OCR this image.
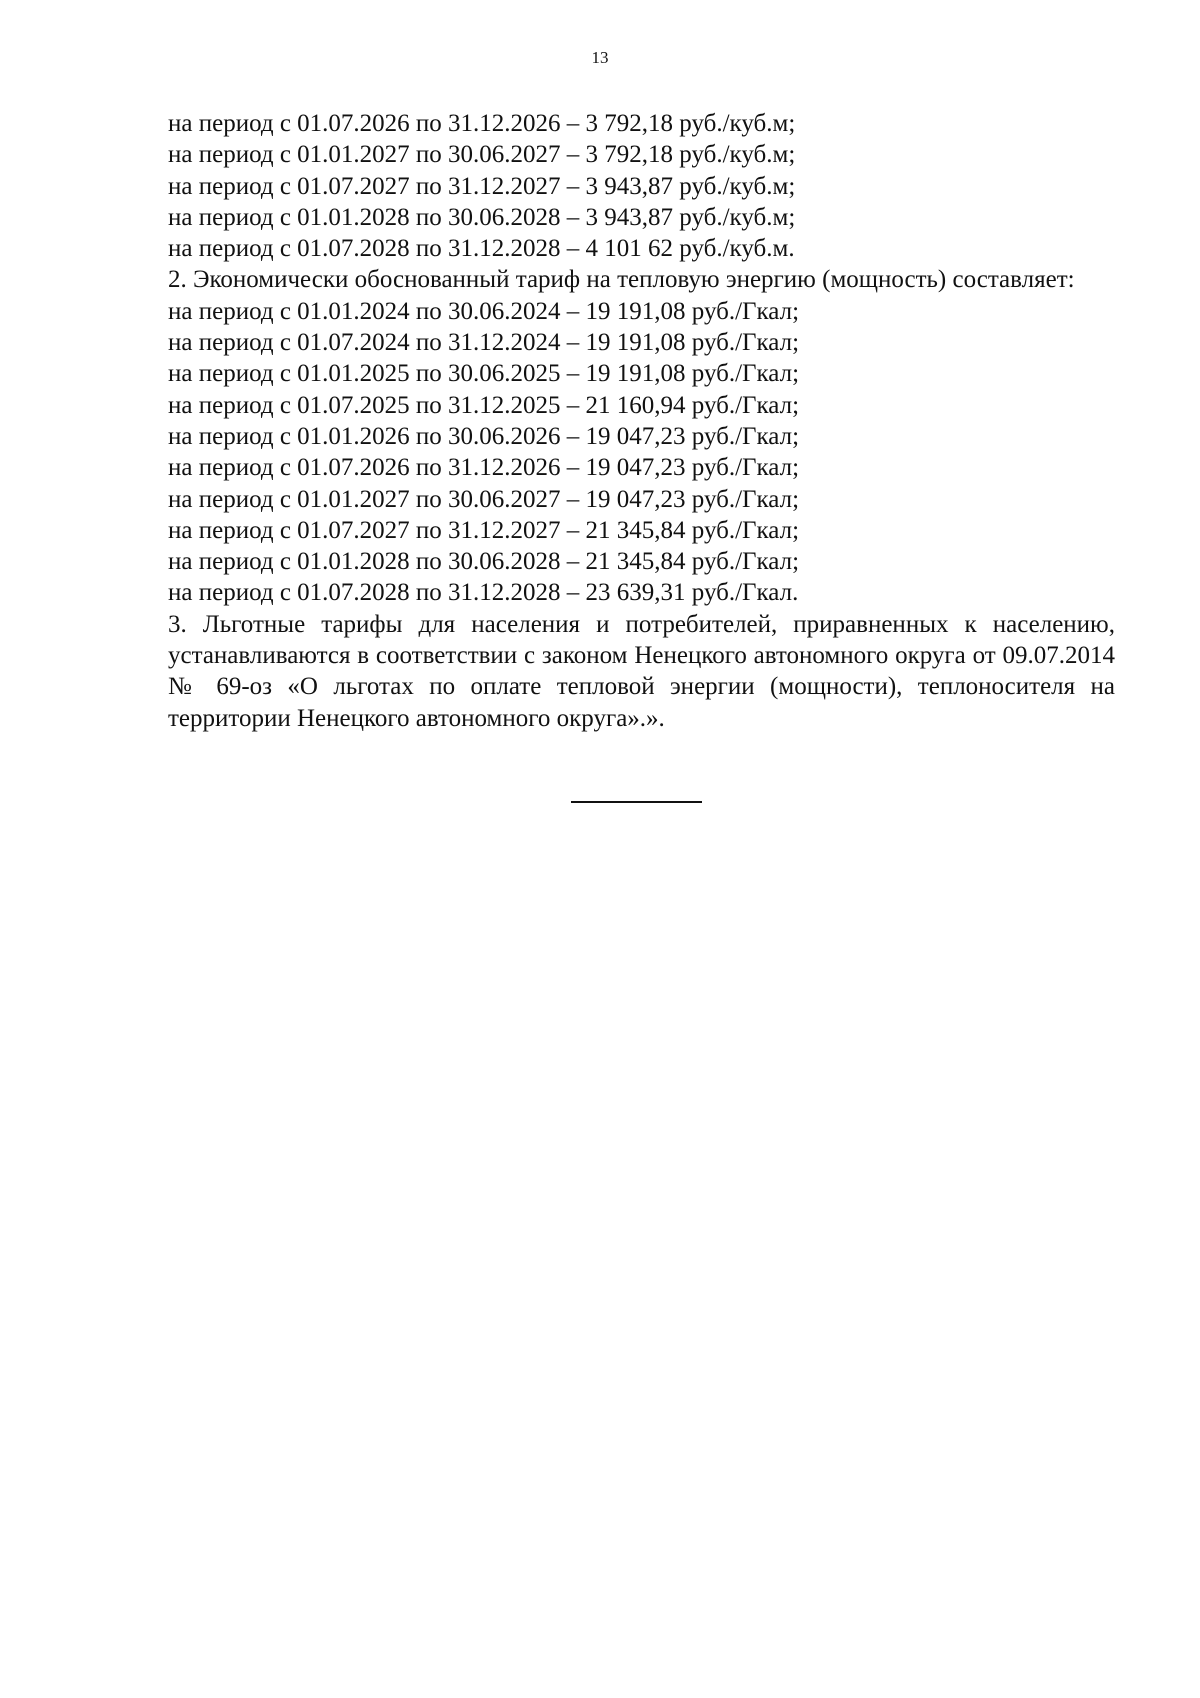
13
на период с 01.07.2026 по 31.12.2026 – 3 792,18 руб./куб.м;
на период с 01.01.2027 по 30.06.2027 – 3 792,18 руб./куб.м;
на период с 01.07.2027 по 31.12.2027 – 3 943,87 руб./куб.м;
на период с 01.01.2028 по 30.06.2028 – 3 943,87 руб./куб.м;
на период с 01.07.2028 по 31.12.2028 – 4 101 62 руб./куб.м.
2. Экономически обоснованный тариф на тепловую энергию (мощность) составляет:
на период с 01.01.2024 по 30.06.2024 – 19 191,08 руб./Гкал;
на период с 01.07.2024 по 31.12.2024 – 19 191,08 руб./Гкал;
на период с 01.01.2025 по 30.06.2025 – 19 191,08 руб./Гкал;
на период с 01.07.2025 по 31.12.2025 – 21 160,94 руб./Гкал;
на период с 01.01.2026 по 30.06.2026 – 19 047,23 руб./Гкал;
на период с 01.07.2026 по 31.12.2026 – 19 047,23 руб./Гкал;
на период с 01.01.2027 по 30.06.2027 – 19 047,23 руб./Гкал;
на период с 01.07.2027 по 31.12.2027 – 21 345,84 руб./Гкал;
на период с 01.01.2028 по 30.06.2028 – 21 345,84 руб./Гкал;
на период с 01.07.2028 по 31.12.2028 – 23 639,31 руб./Гкал.
3. Льготные тарифы для населения и потребителей, приравненных к населению, устанавливаются в соответствии с законом Ненецкого автономного округа от 09.07.2014 № 69-оз «О льготах по оплате тепловой энергии (мощности), теплоносителя на территории Ненецкого автономного округа».».
